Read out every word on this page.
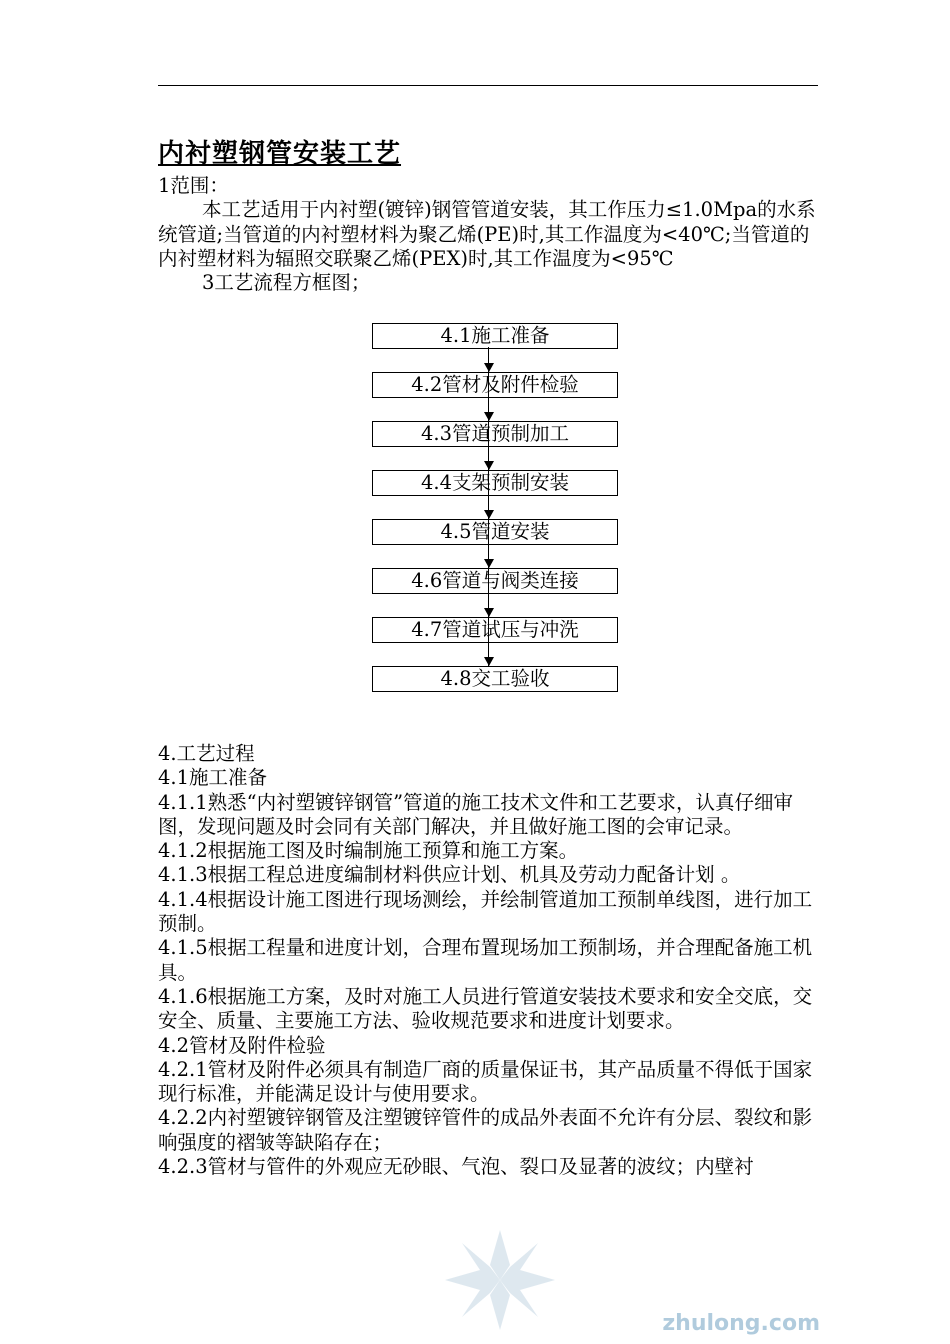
内衬塑钢管安装工艺

1范围：

本工艺适用于内衬塑(镀锌)钢管管道安装，其工作压力≤1.0Mpa的水系统管道;当管道的内衬塑材料为聚乙烯(PE)时,其工作温度为<40℃;当管道的内衬塑材料为辐照交联聚乙烯(PEX)时,其工作温度为<95℃

3工艺流程方框图；

4.1施工准备
4.2管材及附件检验
4.3管道预制加工
4.4支架预制安装
4.5管道安装
4.6管道与阀类连接
4.7管道试压与冲洗
4.8交工验收

4.工艺过程

4.1施工准备

4.1.1熟悉“内衬塑镀锌钢管”管道的施工技术文件和工艺要求，认真仔细审图，发现问题及时会同有关部门解决，并且做好施工图的会审记录。

4.1.2根据施工图及时编制施工预算和施工方案。

4.1.3根据工程总进度编制材料供应计划、机具及劳动力配备计划 。

4.1.4根据设计施工图进行现场测绘，并绘制管道加工预制单线图，进行加工预制。

4.1.5根据工程量和进度计划，合理布置现场加工预制场，并合理配备施工机具。

4.1.6根据施工方案，及时对施工人员进行管道安装技术要求和安全交底，交安全、质量、主要施工方法、验收规范要求和进度计划要求。

4.2管材及附件检验

4.2.1管材及附件必须具有制造厂商的质量保证书，其产品质量不得低于国家现行标准，并能满足设计与使用要求。

4.2.2内衬塑镀锌钢管及注塑镀锌管件的成品外表面不允许有分层、裂纹和影响强度的褶皱等缺陷存在；

4.2.3管材与管件的外观应无砂眼、气泡、裂口及显著的波纹；内壁衬

zhulong.com
